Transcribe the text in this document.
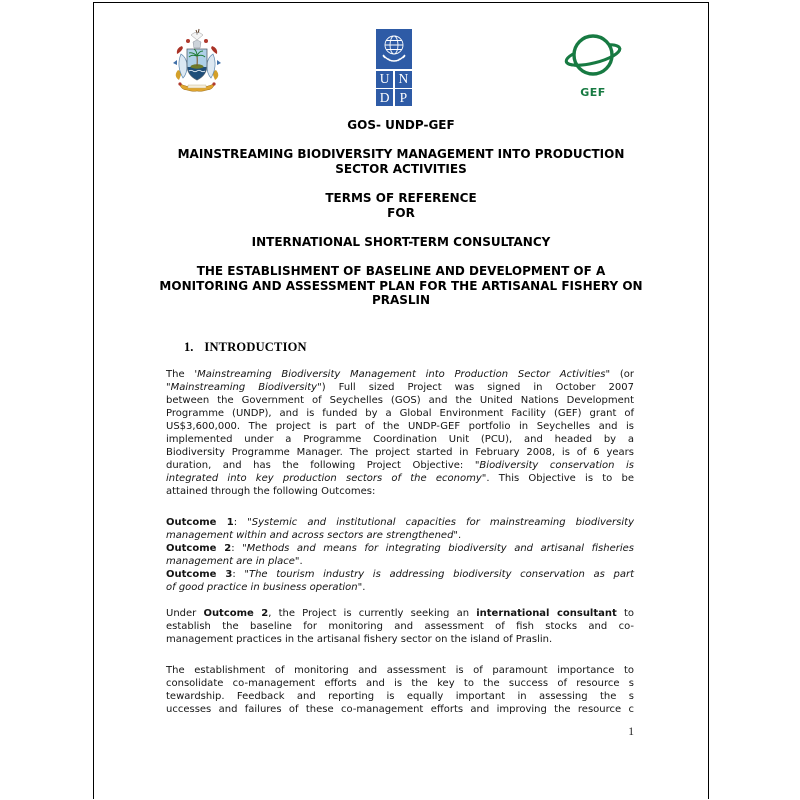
U N
D P	GEF
GOS- UNDP-GEF
MAINSTREAMING BIODIVERSITY MANAGEMENT INTO PRODUCTION
SECTOR ACTIVITIES
TERMS OF REFERENCE
FOR
INTERNATIONAL SHORT-TERM CONSULTANCY
THE ESTABLISHMENT OF BASELINE AND DEVELOPMENT OF A
MONITORING AND ASSESSMENT PLAN FOR THE ARTISANAL FISHERY ON
PRASLIN
1. INTRODUCTION
The 'Mainstreaming Biodiversity Management into Production Sector Activities" (or
"Mainstreaming Biodiversity") Full sized Project was signed in October 2007
between the Government of Seychelles (GOS) and the United Nations Development
Programme (UNDP), and is funded by a Global Environment Facility (GEF) grant of
US$3,600,000. The project is part of the UNDP-GEF portfolio in Seychelles and is
implemented under a Programme Coordination Unit (PCU), and headed by a
Biodiversity Programme Manager. The project started in February 2008, is of 6 years
duration, and has the following Project Objective: "Biodiversity conservation is
integrated into key production sectors of the economy". This Objective is to be
attained through the following Outcomes:
Outcome 1: "Systemic and institutional capacities for mainstreaming biodiversity
management within and across sectors are strengthened".
Outcome 2: "Methods and means for integrating biodiversity and artisanal fisheries
management are in place".
Outcome 3: "The tourism industry is addressing biodiversity conservation as part
of good practice in business operation".
Under Outcome 2, the Project is currently seeking an international consultant to
establish the baseline for monitoring and assessment of fish stocks and co-
management practices in the artisanal fishery sector on the island of Praslin.
The establishment of monitoring and assessment is of paramount importance to
consolidate co-management efforts and is the key to the success of resource s
tewardship. Feedback and reporting is equally important in assessing the s
uccesses and failures of these co-management efforts and improving the resource c
1
